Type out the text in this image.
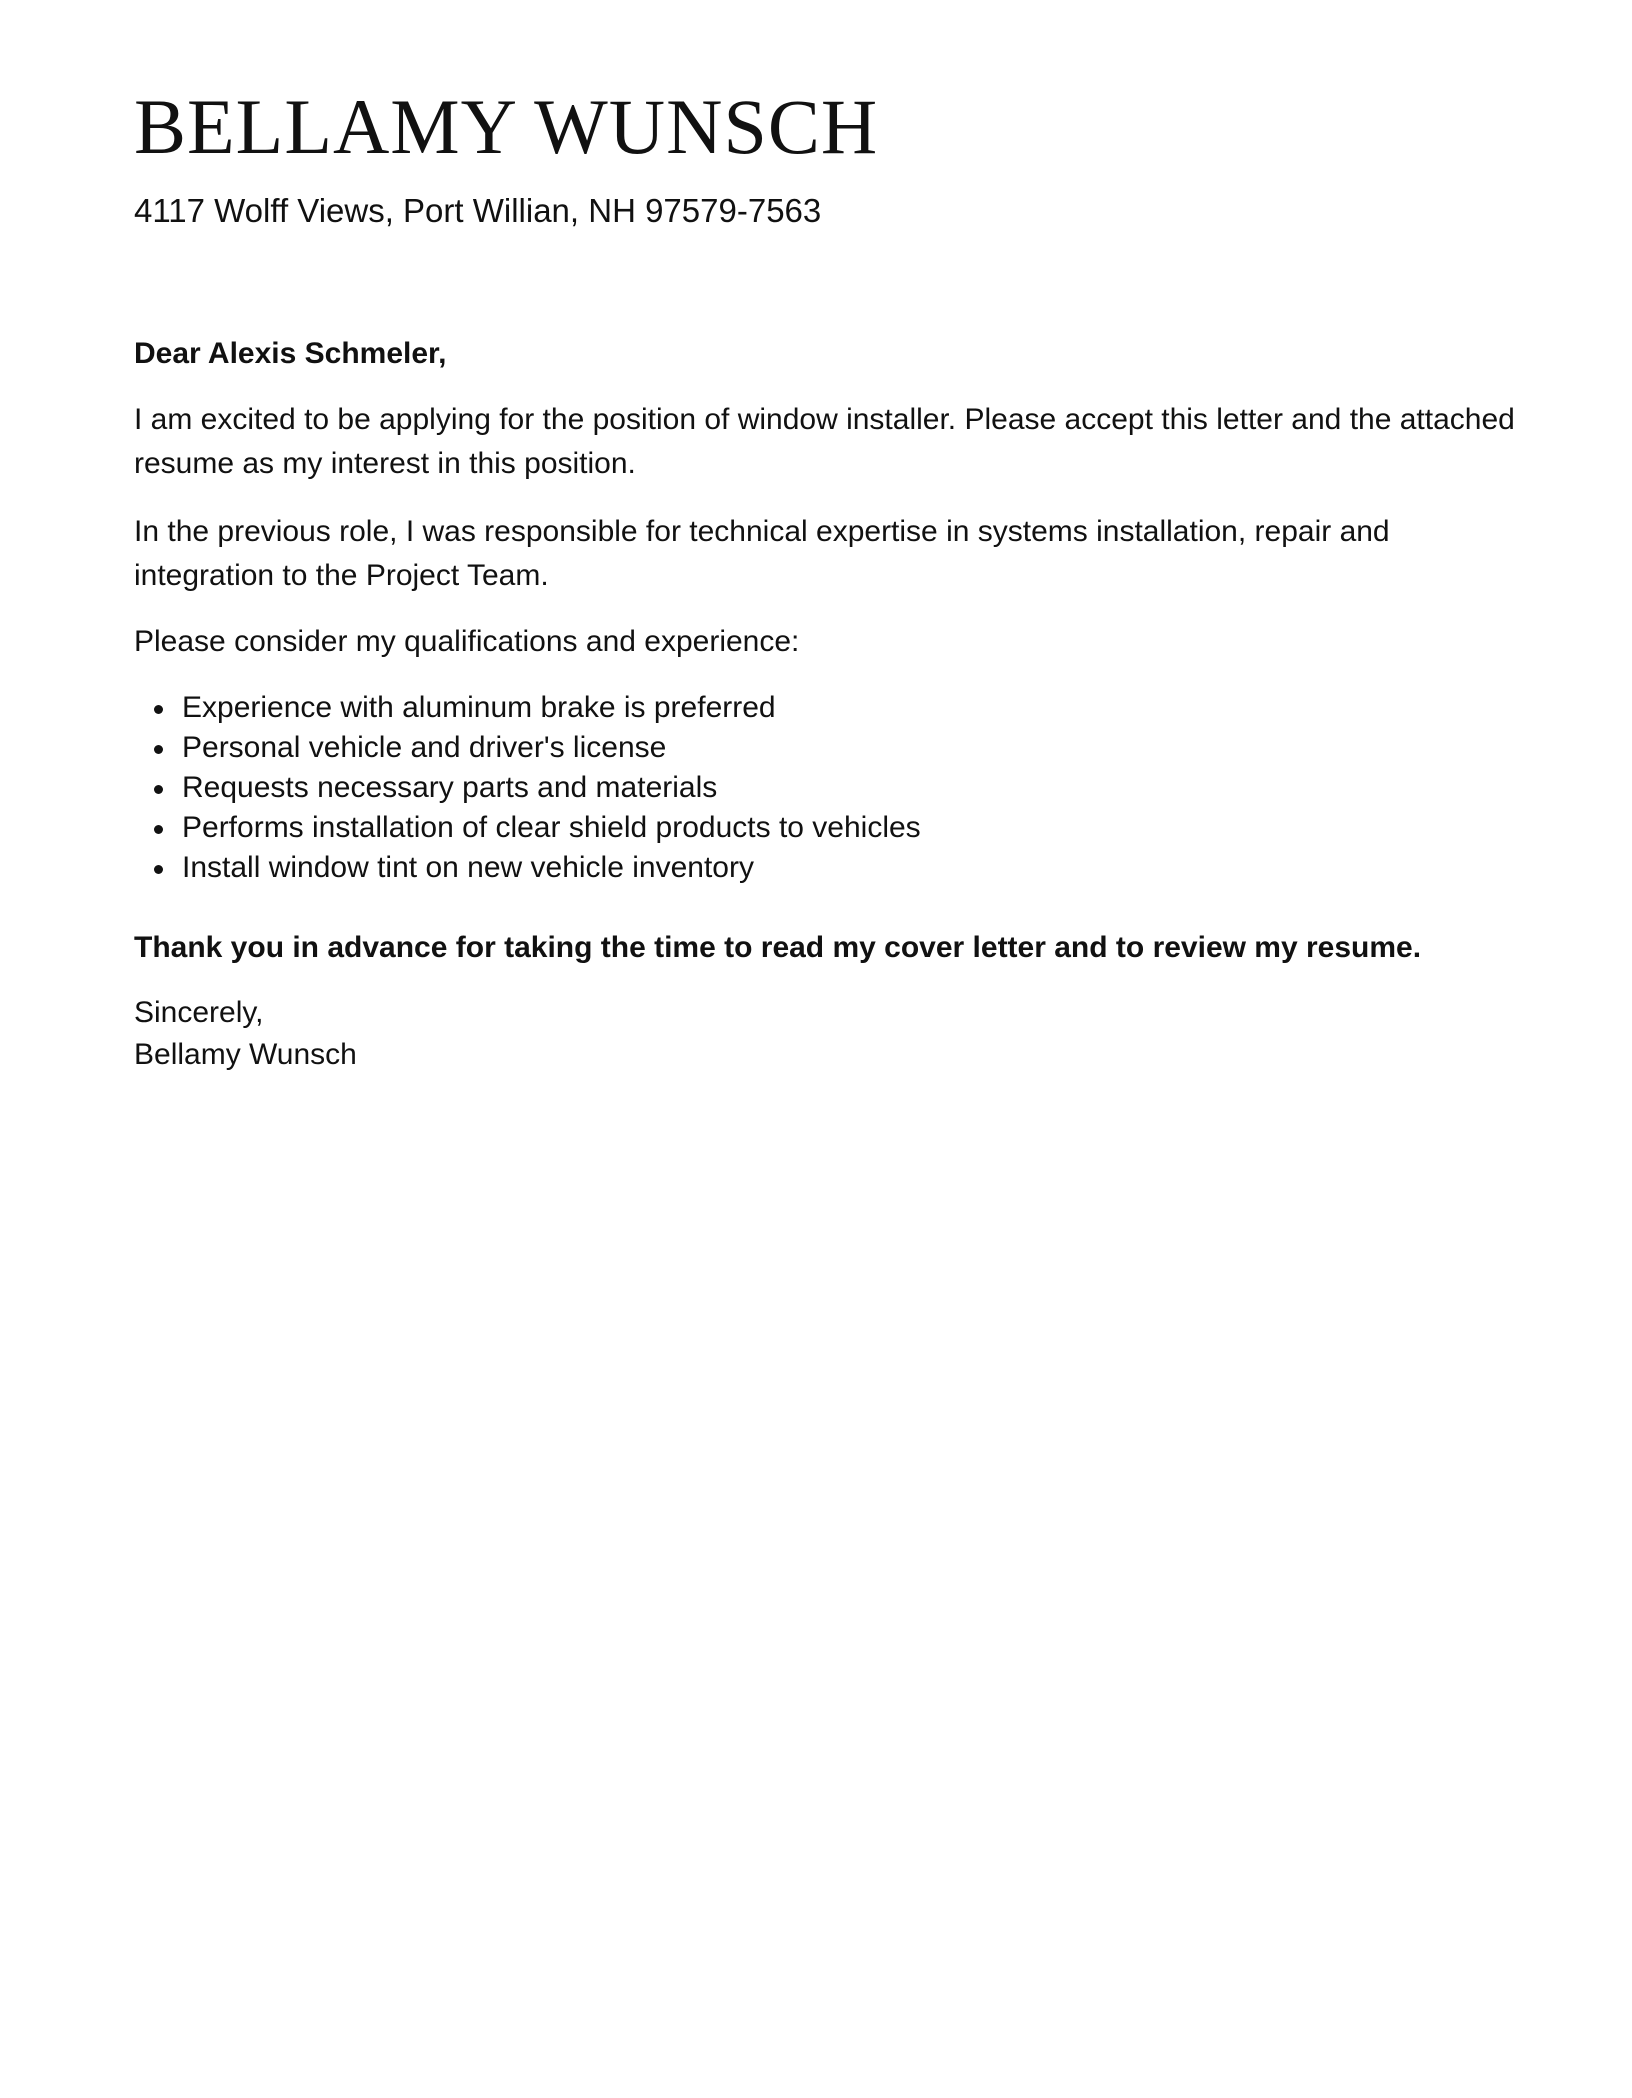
BELLAMY WUNSCH

4117 Wolff Views, Port Willian, NH 97579-7563

Dear Alexis Schmeler,

I am excited to be applying for the position of window installer. Please accept this letter and the attached resume as my interest in this position.

In the previous role, I was responsible for technical expertise in systems installation, repair and integration to the Project Team.

Please consider my qualifications and experience:

Experience with aluminum brake is preferred
Personal vehicle and driver's license
Requests necessary parts and materials
Performs installation of clear shield products to vehicles
Install window tint on new vehicle inventory

Thank you in advance for taking the time to read my cover letter and to review my resume.

Sincerely,
Bellamy Wunsch
